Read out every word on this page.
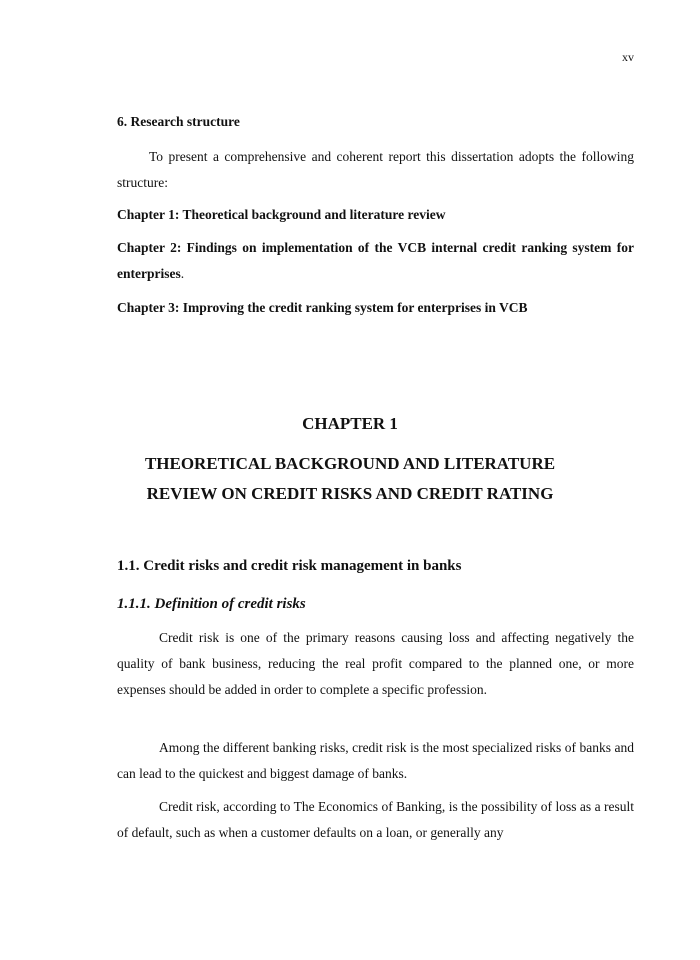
xv
6. Research structure
To present a comprehensive and coherent report this dissertation adopts the following structure:
Chapter 1: Theoretical background and literature review
Chapter 2: Findings on implementation of the VCB internal credit ranking system for enterprises.
Chapter 3: Improving the credit ranking system for enterprises in VCB
CHAPTER 1
THEORETICAL BACKGROUND AND LITERATURE
REVIEW ON CREDIT RISKS AND CREDIT RATING
1.1. Credit risks and credit risk management in banks
1.1.1. Definition of credit risks
Credit risk is one of the primary reasons causing loss and affecting negatively the quality of bank business, reducing the real profit compared to the planned one, or more expenses should be added in order to complete a specific profession.
Among the different banking risks, credit risk is the most specialized risks of banks and can lead to the quickest and biggest damage of banks.
Credit risk, according to The Economics of Banking, is the possibility of loss as a result of default, such as when a customer defaults on a loan, or generally any
